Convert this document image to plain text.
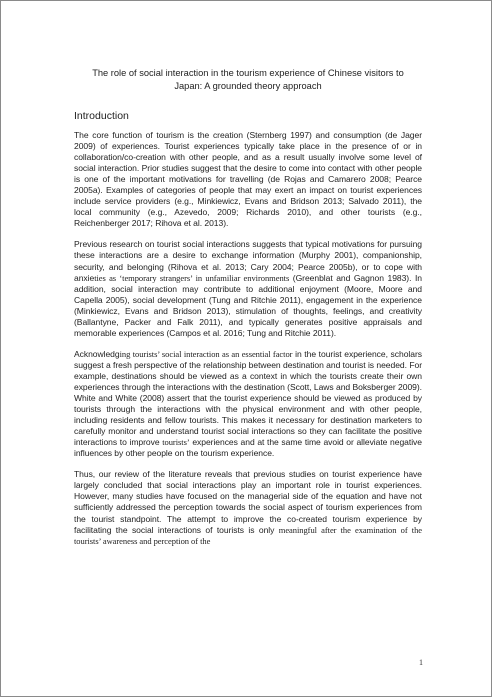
The role of social interaction in the tourism experience of Chinese visitors to Japan: A grounded theory approach
Introduction

The core function of tourism is the creation (Sternberg 1997) and consumption (de Jager 2009) of experiences. Tourist experiences typically take place in the presence of or in collaboration/co-creation with other people, and as a result usually involve some level of social interaction. Prior studies suggest that the desire to come into contact with other people is one of the important motivations for travelling (de Rojas and Camarero 2008; Pearce 2005a). Examples of categories of people that may exert an impact on tourist experiences include service providers (e.g., Minkiewicz, Evans and Bridson 2013; Salvado 2011), the local community (e.g., Azevedo, 2009; Richards 2010), and other tourists (e.g., Reichenberger 2017; Rihova et al. 2013).

Previous research on tourist social interactions suggests that typical motivations for pursuing these interactions are a desire to exchange information (Murphy 2001), companionship, security, and belonging (Rihova et al. 2013; Cary 2004; Pearce 2005b), or to cope with anxieties as ‘temporary strangers’ in unfamiliar environments (Greenblat and Gagnon 1983). In addition, social interaction may contribute to additional enjoyment (Moore, Moore and Capella 2005), social development (Tung and Ritchie 2011), engagement in the experience (Minkiewicz, Evans and Bridson 2013), stimulation of thoughts, feelings, and creativity (Ballantyne, Packer and Falk 2011), and typically generates positive appraisals and memorable experiences (Campos et al. 2016; Tung and Ritchie 2011).

Acknowledging tourists’ social interaction as an essential factor in the tourist experience, scholars suggest a fresh perspective of the relationship between destination and tourist is needed. For example, destinations should be viewed as a context in which the tourists create their own experiences through the interactions with the destination (Scott, Laws and Boksberger 2009). White and White (2008) assert that the tourist experience should be viewed as produced by tourists through the interactions with the physical environment and with other people, including residents and fellow tourists. This makes it necessary for destination marketers to carefully monitor and understand tourist social interactions so they can facilitate the positive interactions to improve tourists’ experiences and at the same time avoid or alleviate negative influences by other people on the tourism experience.

Thus, our review of the literature reveals that previous studies on tourist experience have largely concluded that social interactions play an important role in tourist experiences. However, many studies have focused on the managerial side of the equation and have not sufficiently addressed the perception towards the social aspect of tourism experiences from the tourist standpoint. The attempt to improve the co-created tourism experience by facilitating the social interactions of tourists is only meaningful after the examination of the tourists’ awareness and perception of the

1
